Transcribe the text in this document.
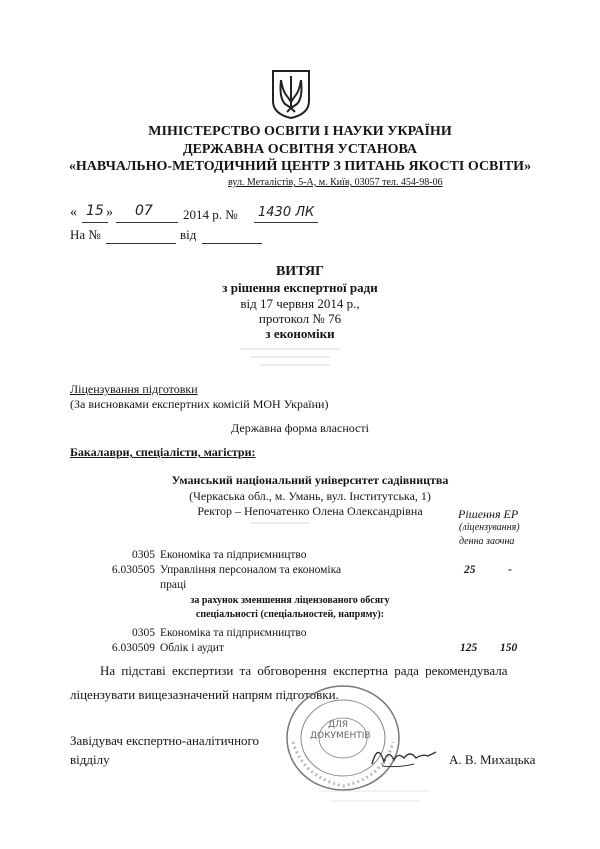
МІНІСТЕРСТВО ОСВІТИ І НАУКИ УКРАЇНИ
ДЕРЖАВНА ОСВІТНЯ УСТАНОВА
«НАВЧАЛЬНО-МЕТОДИЧНИЙ ЦЕНТР З ПИТАНЬ ЯКОСТІ ОСВІТИ»
вул. Металістів, 5-А, м. Київ, 03057 тел. 454-98-06
« 15 » 07 2014 р. № 1430 ЛК
На №	від
ВИТЯГ
з рішення експертної ради
від 17 червня 2014 р.,
протокол № 76
з економіки
Ліцензування підготовки
(За висновками експертних комісій МОН України)
Державна форма власності
Бакалаври, спеціалісти, магістри:
Уманський національний університет садівництва
(Черкаська обл., м. Умань, вул. Інститутська, 1)
Ректор – Непочатенко Олена Олександрівна	Рішення ЕР
(ліцензування)
денна заочна
0305 Економіка та підприємництво
6.030505 Управління персоналом та економіка	25	-
праці
за рахунок зменшення ліцензованого обсягу
спеціальності (спеціальностей, напряму):
0305 Економіка та підприємництво
6.030509 Облік і аудит	125 150
На підставі експертизи та обговорення експертна рада рекомендувала
ліцензувати вищезазначений напрям підготовки.
ДЛЯ
ДОКУМЕНТІВ
Завідувач експертно-аналітичного
відділу	А. В. Михацька
